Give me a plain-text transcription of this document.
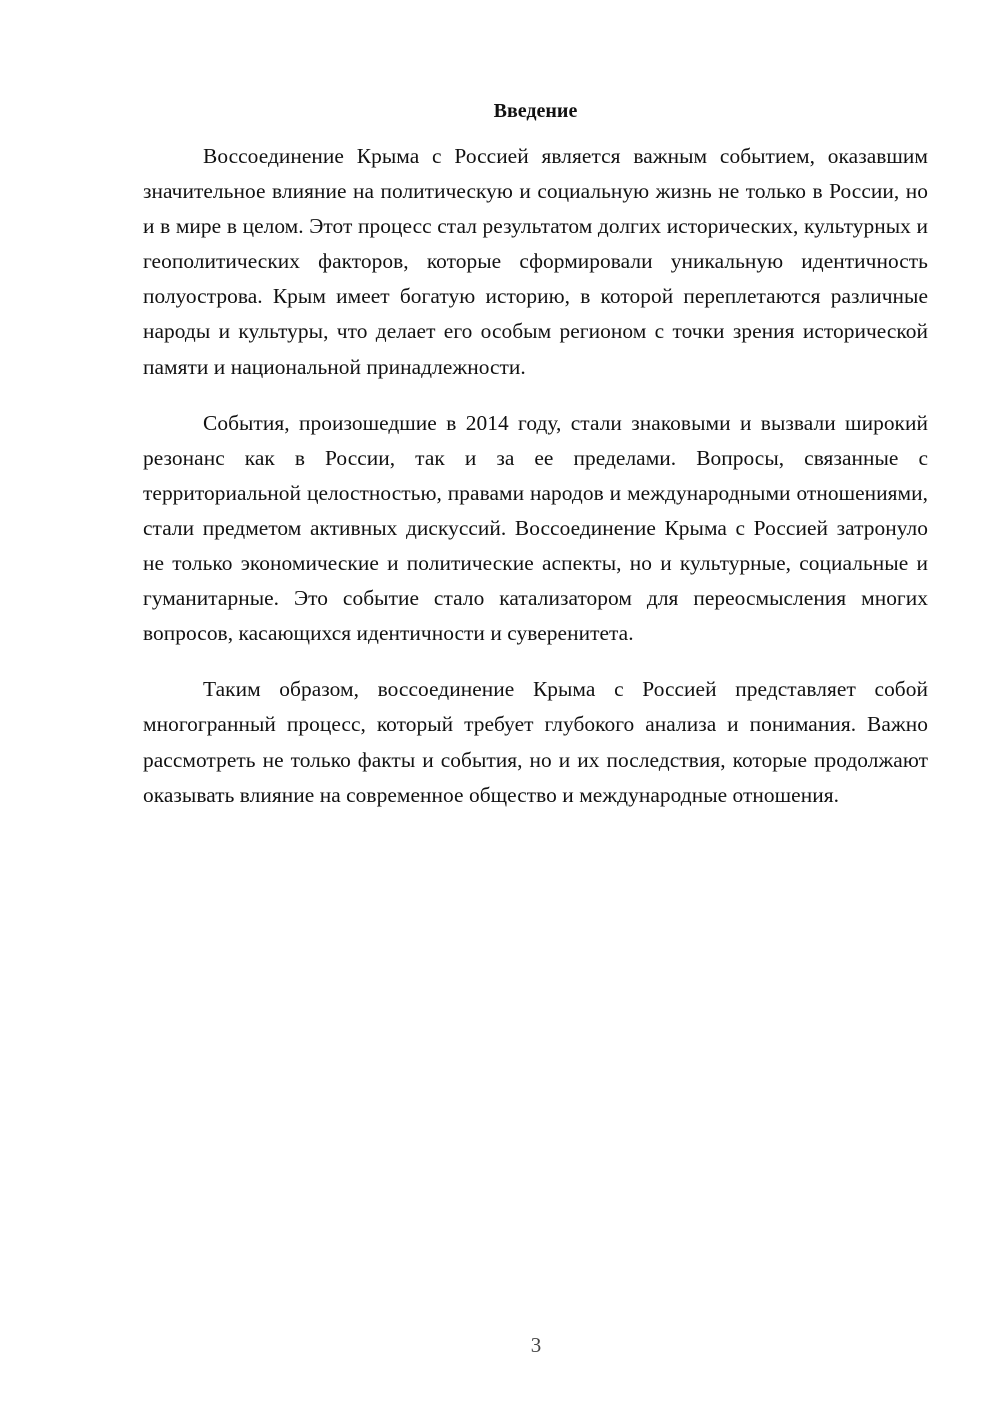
Введение

Воссоединение Крыма с Россией является важным событием, оказавшим значительное влияние на политическую и социальную жизнь не только в России, но и в мире в целом. Этот процесс стал результатом долгих исторических, культурных и геополитических факторов, которые сформировали уникальную идентичность полуострова. Крым имеет богатую историю, в которой переплетаются различные народы и культуры, что делает его особым регионом с точки зрения исторической памяти и национальной принадлежности.

События, произошедшие в 2014 году, стали знаковыми и вызвали широкий резонанс как в России, так и за ее пределами. Вопросы, связанные с территориальной целостностью, правами народов и международными отношениями, стали предметом активных дискуссий. Воссоединение Крыма с Россией затронуло не только экономические и политические аспекты, но и культурные, социальные и гуманитарные. Это событие стало катализатором для переосмысления многих вопросов, касающихся идентичности и суверенитета.

Таким образом, воссоединение Крыма с Россией представляет собой многогранный процесс, который требует глубокого анализа и понимания. Важно рассмотреть не только факты и события, но и их последствия, которые продолжают оказывать влияние на современное общество и международные отношения.

3
